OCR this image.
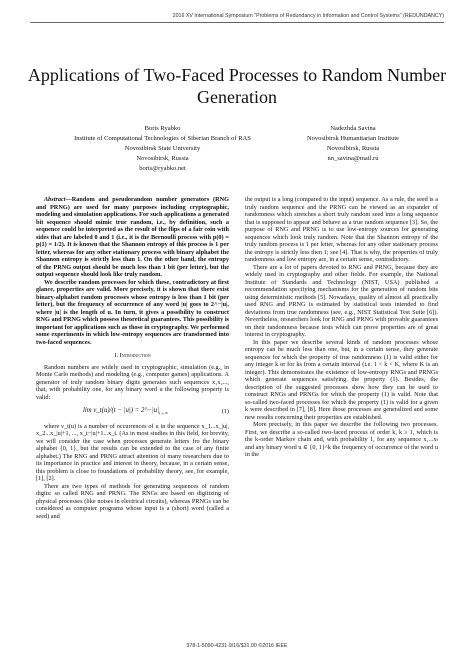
2016 XV International Symposium "Problems of Redundancy in Information and Control Systems" (REDUNDANCY)
Applications of Two-Faced Processes to Random Number Generation
Boris Ryabko
Institute of Computational Technologies of Siberian Branch of RAS
Novosibirsk State University
Novosibirsk, Russia
boris@ryabko.net
Nadezhda Savina
Novosibirsk Humanitarian Institute
Novosibirsk, Russia
nn_savina@mail.ru

Abstract—Random and pseudorandom number generators (RNG and PRNG) are used for many purposes including cryptographic, modeling and simulation applications. For such applications a generated bit sequence should mimic true random, i.e., by definition, such a sequence could be interpreted as the result of the flips of a fair coin with sides that are labeled 0 and 1 (i.e., it is the Bernoulli process with p(0) = p(1) = 1/2). It is known that the Shannon entropy of this process is 1 per letter, whereas for any other stationary process with binary alphabet the Shannon entropy is strictly less than 1. On the other hand, the entropy of the PRNG output should be much less than 1 bit (per letter), but the output sequence should look like truly random.

We describe random processes for which these, contradictory at first glance, properties are valid. More precisely, it is shown that there exist binary-alphabet random processes whose entropy is less than 1 bit (per letter), but the frequency of occurrence of any word |u| goes to 2^−|u|, where |u| is the length of u. In turn, it gives a possibility to construct RNG and PRNG which possess theoretical guarantees. This possibility is important for applications such as those in cryptography. We performed some experiments in which low-entropy sequences are transformed into two-faced sequences.

I. Introduction

Random numbers are widely used in cryptographic, simulation (e.g., in Monte Carlo methods) and modeling (e.g., computer games) applications. A generator of truly random binary digits generates such sequences x₁x₂..., that, with probability one, for any binary word u the following property is valid:

lim ν_t(u)/(t − $|u|) = 2\^{}-|u|_{t\to\infty}$	(1)

where ν_t(u) is a number of occurrences of u in the sequence x_1...x_|u|, x_2...x_|u|+1, ..., x_t−|u|+1...x_t. (As in most studies in this field, for brevity, we will consider the case when processes generate letters fro the binary alphabet {0, 1}, but the results can be extended to the case of any finite alphabet.) The RNG and PRNG attract attention of many researchers due to its importance in practice and interest in theory, because, in a certain sense, this problem is close to foundations of probability theory, see, for example, [1], [2].

There are two types of methods for generating sequences of random digits: so called RNG and PRNG. The RNGs are based on digitizing of physical processes (like noises in electrical circuits), whereas PRNGs can be considered as computer programs whose input is a (short) word (called a seed) and

the output is a long (compared to the input) sequence. As a rule, the seed is a truly random sequence and the PRNG can be viewed as an expander of randomness which stretches a short truly random seed into a long sequence that is supposed to appear and behave as a true random sequence [3]. So, the purpose of RNG and PRNG is to use low-entropy sources for generating sequences which look truly random. Note that the Shannon entropy of the truly random process is 1 per letter, whereas for any other stationary process the entropy is strictly less then 1; see [4]. That is why, the properties of truly randomness and low entropy are, in a certain sense, contradictory.

There are a lot of papers devoted to RNG and PRNG, because they are widely used in cryptography and other fields. For example, the National Institute of Standards and Technology (NIST, USA) published a recommendation specifying mechanisms for the generation of random bits using deterministic methods [5]. Nowadays, quality of almost all practically used RNG and PRNG is estimated by statistical tests intended to find deviations from true randomness (see, e.g., NIST Statistical Test Suite [6]). Nevertheless, researchers look for RNG and PRNG with provable guarantees on their randomness because tests which can prove properties are of great interest in cryptography.

In this paper we describe several kinds of random processes whose entropy can be much less than one, but, in a certain sense, they generate sequences for which the property of true randomness (1) is valid either for any integer k or for ks from a certain interval (i.e. 1 < k < K, where K is an integer). This demonstrates the existence of low-entropy RNGs and PRNGs which generate sequences satisfying the property (1). Besides, the description of the suggested processes show how they can be used to construct RNGs and PRNGs for which the property (1) is valid. Note that so-called two-faced processes for which the property (1) is valid for a given k were described in [7], [8]. Here those processes are generalized and some new results concerning their properties are established.

More precisely, in this paper we describe the following two processes. First, we describe a so-called two-faced process of order k, k ≥ 1, which is the k-order Markov chain and, with probability 1, for any sequence x₁...xₜ and any binary word u ∈ {0, 1}^k the frequency of occurrence of the word u in the

978-1-5090-4231-9/16/$31.00 ©2016 IEEE
